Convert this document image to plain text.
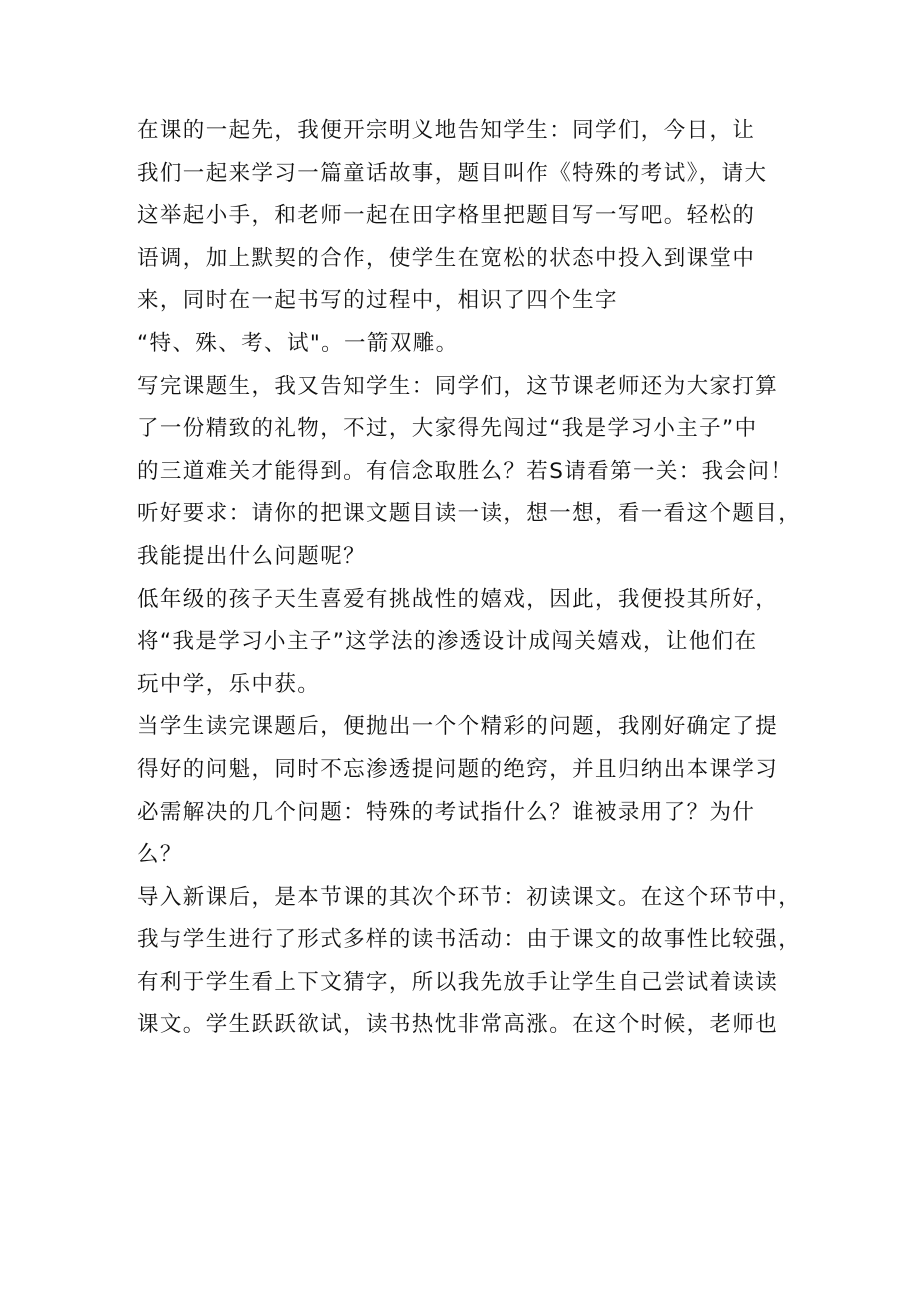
在课的一起先，我便开宗明义地告知学生：同学们，今日，让
我们一起来学习一篇童话故事，题目叫作《特殊的考试》，请大
这举起小手，和老师一起在田字格里把题目写一写吧。轻松的
语调，加上默契的合作，使学生在宽松的状态中投入到课堂中
来，同时在一起书写的过程中，相识了四个生字
“特、殊、考、试"。一箭双雕。
写完课题生，我又告知学生：同学们，这节课老师还为大家打算
了一份精致的礼物，不过，大家得先闯过“我是学习小主子”中
的三道难关才能得到。有信念取胜么？若S请看第一关：我会问！
听好要求：请你的把课文题目读一读，想一想，看一看这个题目，
我能提出什么问题呢？
低年级的孩子天生喜爱有挑战性的嬉戏，因此，我便投其所好，
将“我是学习小主子”这学法的渗透设计成闯关嬉戏，让他们在
玩中学，乐中获。
当学生读完课题后，便抛出一个个精彩的问题，我刚好确定了提
得好的问魁，同时不忘渗透提问题的绝窍，并且归纳出本课学习
必需解决的几个问题：特殊的考试指什么？谁被录用了？为什
么？
导入新课后，是本节课的其次个环节：初读课文。在这个环节中，
我与学生进行了形式多样的读书活动：由于课文的故事性比较强，
有利于学生看上下文猜字，所以我先放手让学生自己尝试着读读
课文。学生跃跃欲试，读书热忱非常高涨。在这个时候，老师也
